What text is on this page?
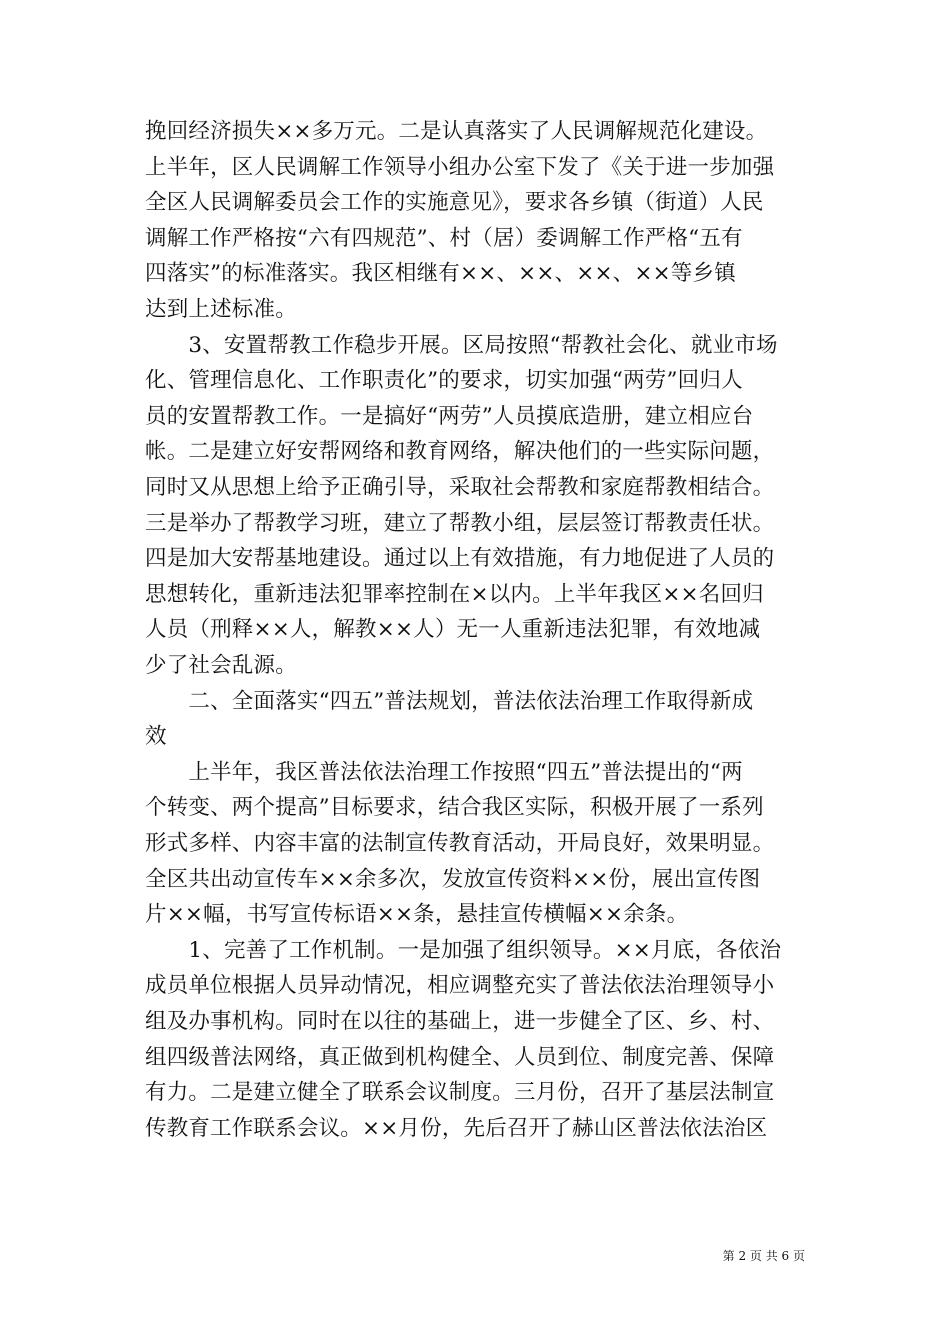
挽回经济损失××多万元。二是认真落实了人民调解规范化建设。
上半年，区人民调解工作领导小组办公室下发了《关于进一步加强
全区人民调解委员会工作的实施意见》，要求各乡镇（街道）人民
调解工作严格按“六有四规范”、村（居）委调解工作严格“五有
四落实”的标准落实。我区相继有××、××、××、××等乡镇
达到上述标准。
　　3、安置帮教工作稳步开展。区局按照“帮教社会化、就业市场
化、管理信息化、工作职责化”的要求，切实加强“两劳”回归人
员的安置帮教工作。一是搞好“两劳”人员摸底造册，建立相应台
帐。二是建立好安帮网络和教育网络，解决他们的一些实际问题，
同时又从思想上给予正确引导，采取社会帮教和家庭帮教相结合。
三是举办了帮教学习班，建立了帮教小组，层层签订帮教责任状。
四是加大安帮基地建设。通过以上有效措施，有力地促进了人员的
思想转化，重新违法犯罪率控制在×以内。上半年我区××名回归
人员（刑释××人，解教××人）无一人重新违法犯罪，有效地减
少了社会乱源。
　　二、全面落实“四五”普法规划，普法依法治理工作取得新成
效
　　上半年，我区普法依法治理工作按照“四五”普法提出的“两
个转变、两个提高”目标要求，结合我区实际，积极开展了一系列
形式多样、内容丰富的法制宣传教育活动，开局良好，效果明显。
全区共出动宣传车××余多次，发放宣传资料××份，展出宣传图
片××幅，书写宣传标语××条，悬挂宣传横幅××余条。
　　1、完善了工作机制。一是加强了组织领导。××月底，各依治
成员单位根据人员异动情况，相应调整充实了普法依法治理领导小
组及办事机构。同时在以往的基础上，进一步健全了区、乡、村、
组四级普法网络，真正做到机构健全、人员到位、制度完善、保障
有力。二是建立健全了联系会议制度。三月份，召开了基层法制宣
传教育工作联系会议。××月份，先后召开了赫山区普法依法治区
第 2 页 共 6 页
